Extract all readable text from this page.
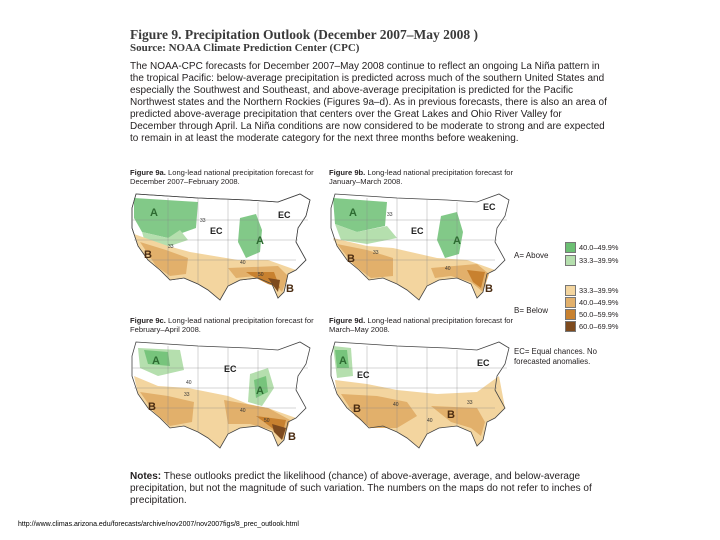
Figure 9. Precipitation Outlook (December 2007–May 2008 )
Source: NOAA Climate Prediction Center (CPC)
The NOAA-CPC forecasts for December 2007–May 2008 continue to reflect an ongoing La Niña pattern in the tropical Pacific: below-average precipitation is predicted across much of the southern United States and especially the Southwest and Southeast, and above-average precipitation is predicted for the Pacific Northwest states and the Northern Rockies (Figures 9a–d). As in previous forecasts, there is also an area of predicted above-average precipitation that centers over the Great Lakes and Ohio River Valley for December through April. La Niña conditions are now considered to be moderate to strong and are expected to remain in at least the moderate category for the next three months before weakening.
Figure 9a. Long-lead national precipitation forecast for December 2007–February 2008.
Figure 9b. Long-lead national precipitation forecast for January–March 2008.
Figure 9c. Long-lead national precipitation forecast for February–April 2008.
Figure 9d. Long-lead national precipitation forecast for March–May 2008.
A
A
EC
EC
B
B
33
33
40
50
A
A
EC
EC
B
B
33
33
40
A
A
EC
B
B
40
33
40
50
A
EC
EC
B	B
40
40
33
A= Above
40.0–49.9%
33.3–39.9%
B= Below
33.3–39.9%
40.0–49.9%
50.0–59.9%
60.0–69.9%
EC= Equal chances. No forecasted anomalies.
Notes: These outlooks predict the likelihood (chance) of above-average, average, and below-average precipitation, but not the magnitude of such variation. The numbers on the maps do not refer to inches of precipitation.
http://www.climas.arizona.edu/forecasts/archive/nov2007/nov2007figs/8_prec_outlook.html
